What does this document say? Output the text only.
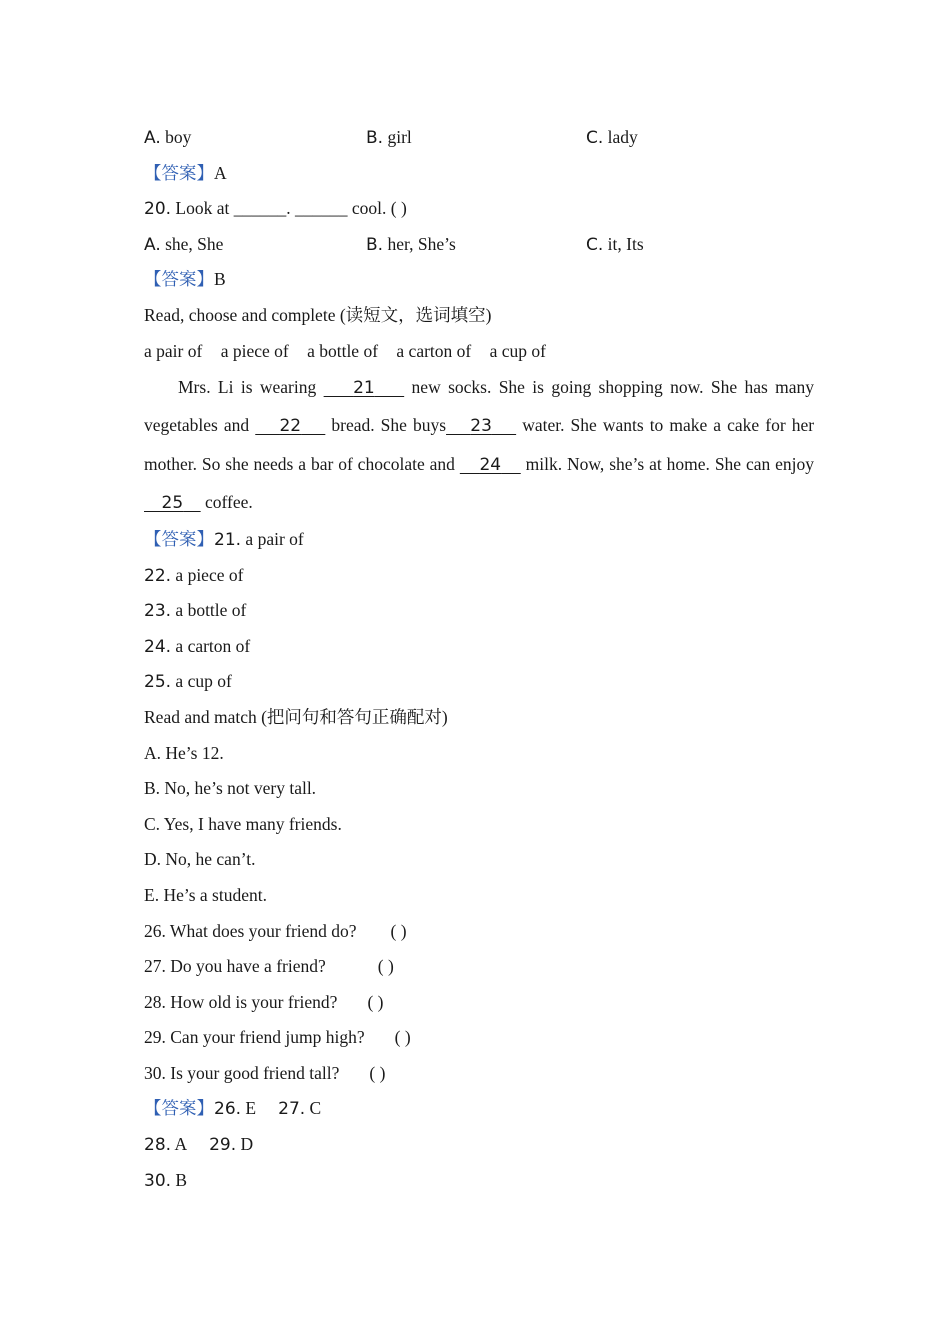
A. boy	B. girl	C. lady
【答案】A
20. Look at ______. ______ cool. ( )
A. she, She	B. her, She’s	C. it, Its
【答案】B
Read, choose and complete (读短文，选词填空)
a pair of a piece of a bottle of a carton of a cup of
Mrs. Li is wearing 21 new socks. She is going shopping now. She has many vegetables and 22 bread. She buys 23 water. She wants to make a cake for her mother. So she needs a bar of chocolate and 24 milk. Now, she’s at home. She can enjoy     25 coffee.
【答案】21. a pair of
22. a piece of
23. a bottle of
24. a carton of
25. a cup of
Read and match (把问句和答句正确配对)
A. He’s 12.
B. No, he’s not very tall.
C. Yes, I have many friends.
D. No, he can’t.
E. He’s a student.
26. What does your friend do? ( )
27. Do you have a friend?	( )
28. How old is your friend? ( )
29. Can your friend jump high? ( )
30. Is your good friend tall? ( )
【答案】26. E 27. C
28. A 29. D
30. B
